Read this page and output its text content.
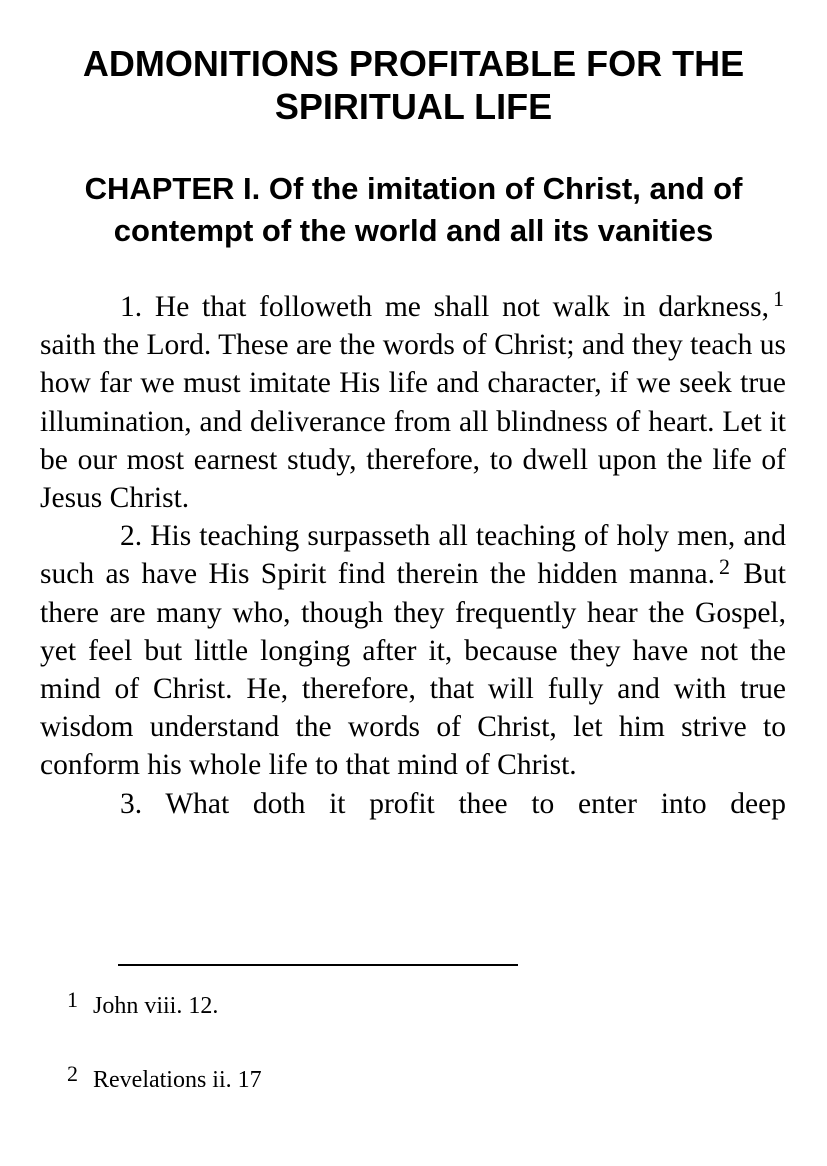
ADMONITIONS PROFITABLE FOR THE SPIRITUAL LIFE
CHAPTER I. Of the imitation of Christ, and of contempt of the world and all its vanities

1. He that followeth me shall not walk in darkness, $^1$ saith the Lord. These are the words of Christ; and they teach us how far we must imitate His life and character, if we seek true illumination, and deliverance from all blindness of heart. Let it be our most earnest study, therefore, to dwell upon the life of Jesus Christ.

2. His teaching surpasseth all teaching of holy men, and such as have His Spirit find therein the hidden manna. $^2$ But there are many who, though they frequently hear the Gospel, yet feel but little longing after it, because they have not the mind of Christ. He, therefore, that will fully and with true wisdom understand the words of Christ, let him strive to conform his whole life to that mind of Christ.

3. What doth it profit thee to enter into deep

1 John viii. 12.
2 Revelations ii. 17
